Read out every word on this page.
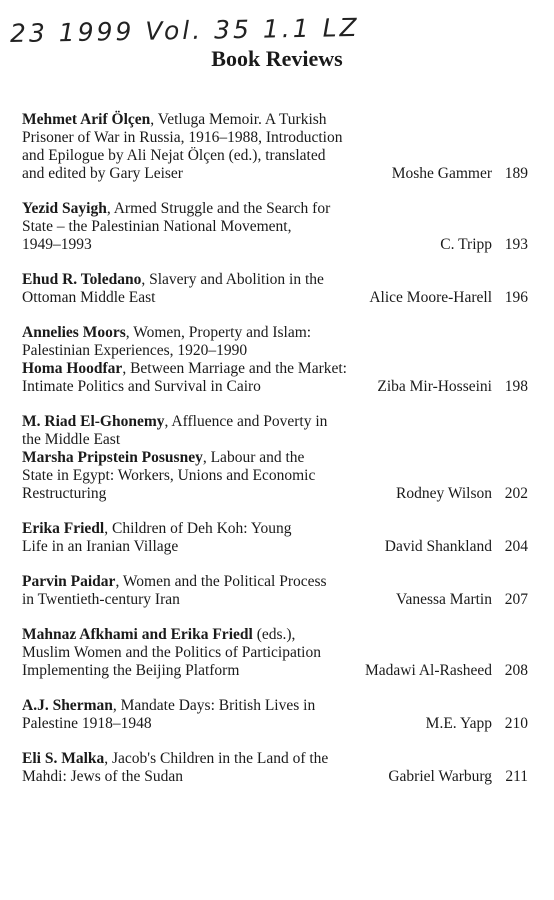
23 1999 Vol. 35 1.1 LZ
Book Reviews
Mehmet Arif Ölçen, Vetluga Memoir. A Turkish
Prisoner of War in Russia, 1916–1988, Introduction
and Epilogue by Ali Nejat Ölçen (ed.), translated
and edited by Gary Leiser	Moshe Gammer 189
Yezid Sayigh, Armed Struggle and the Search for
State – the Palestinian National Movement,
1949–1993	C. Tripp 193
Ehud R. Toledano, Slavery and Abolition in the
Ottoman Middle East	Alice Moore-Harell 196
Annelies Moors, Women, Property and Islam:
Palestinian Experiences, 1920–1990
Homa Hoodfar, Between Marriage and the Market:
Intimate Politics and Survival in Cairo	Ziba Mir-Hosseini 198
M. Riad El-Ghonemy, Affluence and Poverty in
the Middle East
Marsha Pripstein Posusney, Labour and the
State in Egypt: Workers, Unions and Economic
Restructuring	Rodney Wilson 202
Erika Friedl, Children of Deh Koh: Young
Life in an Iranian Village	David Shankland 204
Parvin Paidar, Women and the Political Process
in Twentieth-century Iran	Vanessa Martin 207
Mahnaz Afkhami and Erika Friedl (eds.),
Muslim Women and the Politics of Participation
Implementing the Beijing Platform	Madawi Al-Rasheed 208
A.J. Sherman, Mandate Days: British Lives in
Palestine 1918–1948	M.E. Yapp 210
Eli S. Malka, Jacob's Children in the Land of the
Mahdi: Jews of the Sudan	Gabriel Warburg 211
